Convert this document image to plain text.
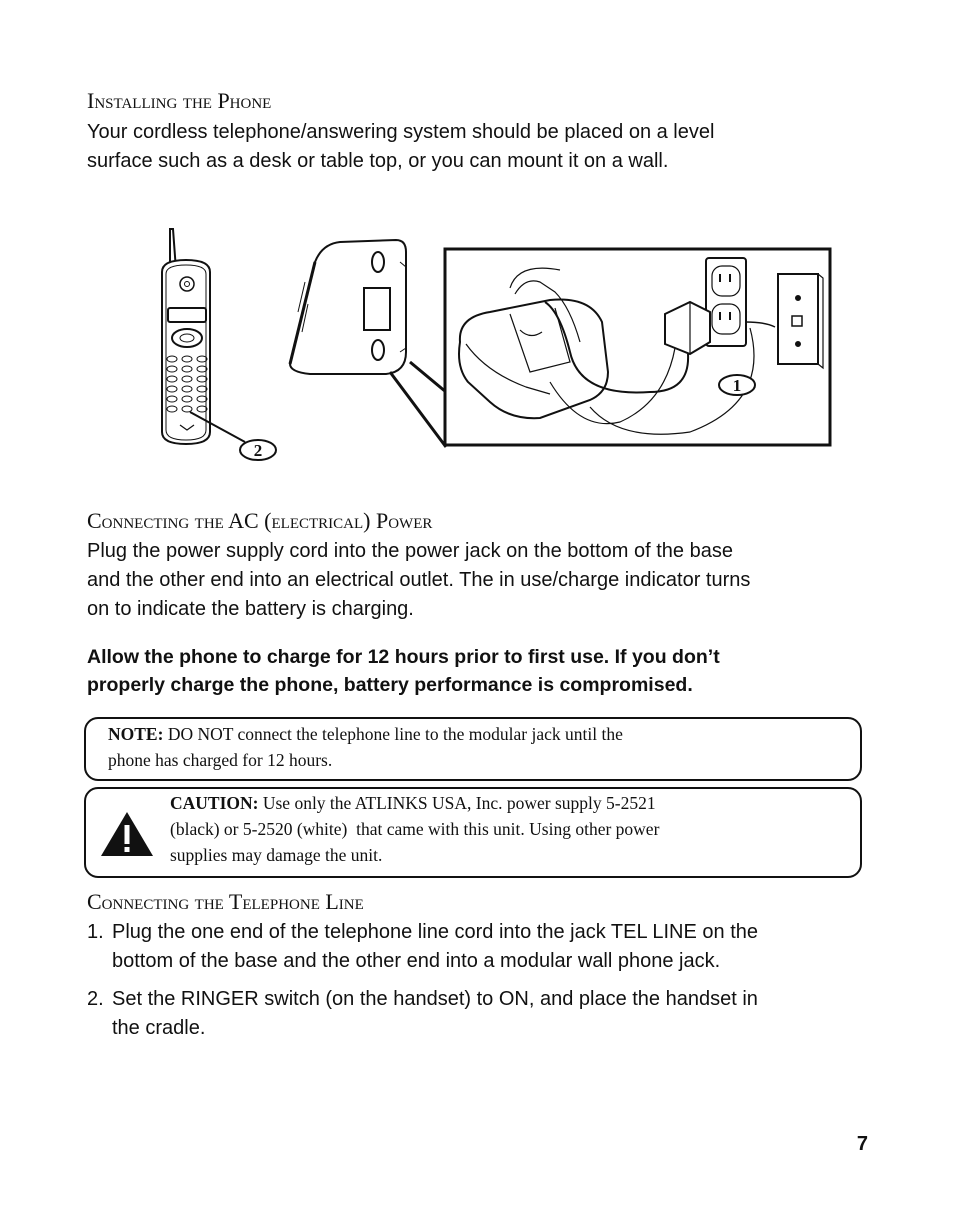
Installing the Phone

Your cordless telephone/answering system should be placed on a level

surface such as a desk or table top, or you can mount it on a wall.

2
1
Connecting the AC (electrical) Power

Plug the power supply cord into the power jack on the bottom of the base

and the other end into an electrical outlet. The in use/charge indicator turns

on to indicate the battery is charging.

Allow the phone to charge for 12 hours prior to first use. If you don’t

properly charge the phone, battery performance is compromised.

NOTE: DO NOT connect the telephone line to the modular jack until the
phone has charged for 12 hours.
CAUTION: Use only the ATLINKS USA, Inc. power supply 5-2521
(black) or 5-2520 (white)  that came with this unit. Using other power
supplies may damage the unit.
Connecting the Telephone Line
1. Plug the one end of the telephone line cord into the jack TEL LINE on the
bottom of the base and the other end into a modular wall phone jack.
2. Set the RINGER switch (on the handset) to ON, and place the handset in
the cradle.
7
